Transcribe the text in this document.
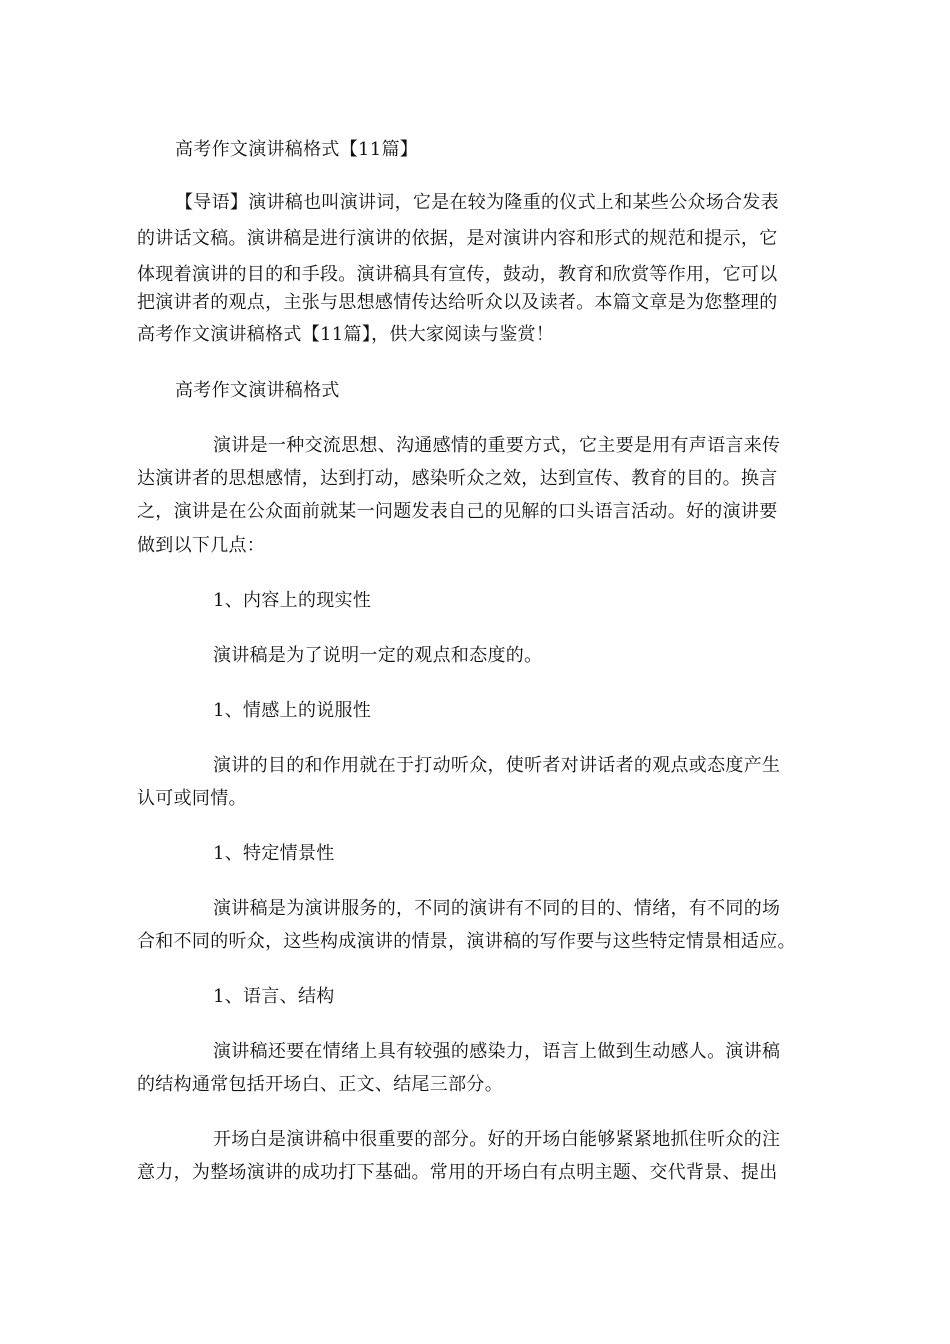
高考作文演讲稿格式【11篇】

【导语】演讲稿也叫演讲词，它是在较为隆重的仪式上和某些公众场合发表

的讲话文稿。演讲稿是进行演讲的依据，是对演讲内容和形式的规范和提示，它

体现着演讲的目的和手段。演讲稿具有宣传，鼓动，教育和欣赏等作用，它可以

把演讲者的观点，主张与思想感情传达给听众以及读者。本篇文章是为您整理的

高考作文演讲稿格式【11篇】，供大家阅读与鉴赏！

高考作文演讲稿格式

演讲是一种交流思想、沟通感情的重要方式，它主要是用有声语言来传

达演讲者的思想感情，达到打动，感染听众之效，达到宣传、教育的目的。换言

之，演讲是在公众面前就某一问题发表自己的见解的口头语言活动。好的演讲要

做到以下几点：

1、内容上的现实性

演讲稿是为了说明一定的观点和态度的。

1、情感上的说服性

演讲的目的和作用就在于打动听众，使听者对讲话者的观点或态度产生

认可或同情。

1、特定情景性

演讲稿是为演讲服务的，不同的演讲有不同的目的、情绪，有不同的场

合和不同的听众，这些构成演讲的情景，演讲稿的写作要与这些特定情景相适应。

1、语言、结构

演讲稿还要在情绪上具有较强的感染力，语言上做到生动感人。演讲稿

的结构通常包括开场白、正文、结尾三部分。

开场白是演讲稿中很重要的部分。好的开场白能够紧紧地抓住听众的注

意力，为整场演讲的成功打下基础。常用的开场白有点明主题、交代背景、提出
